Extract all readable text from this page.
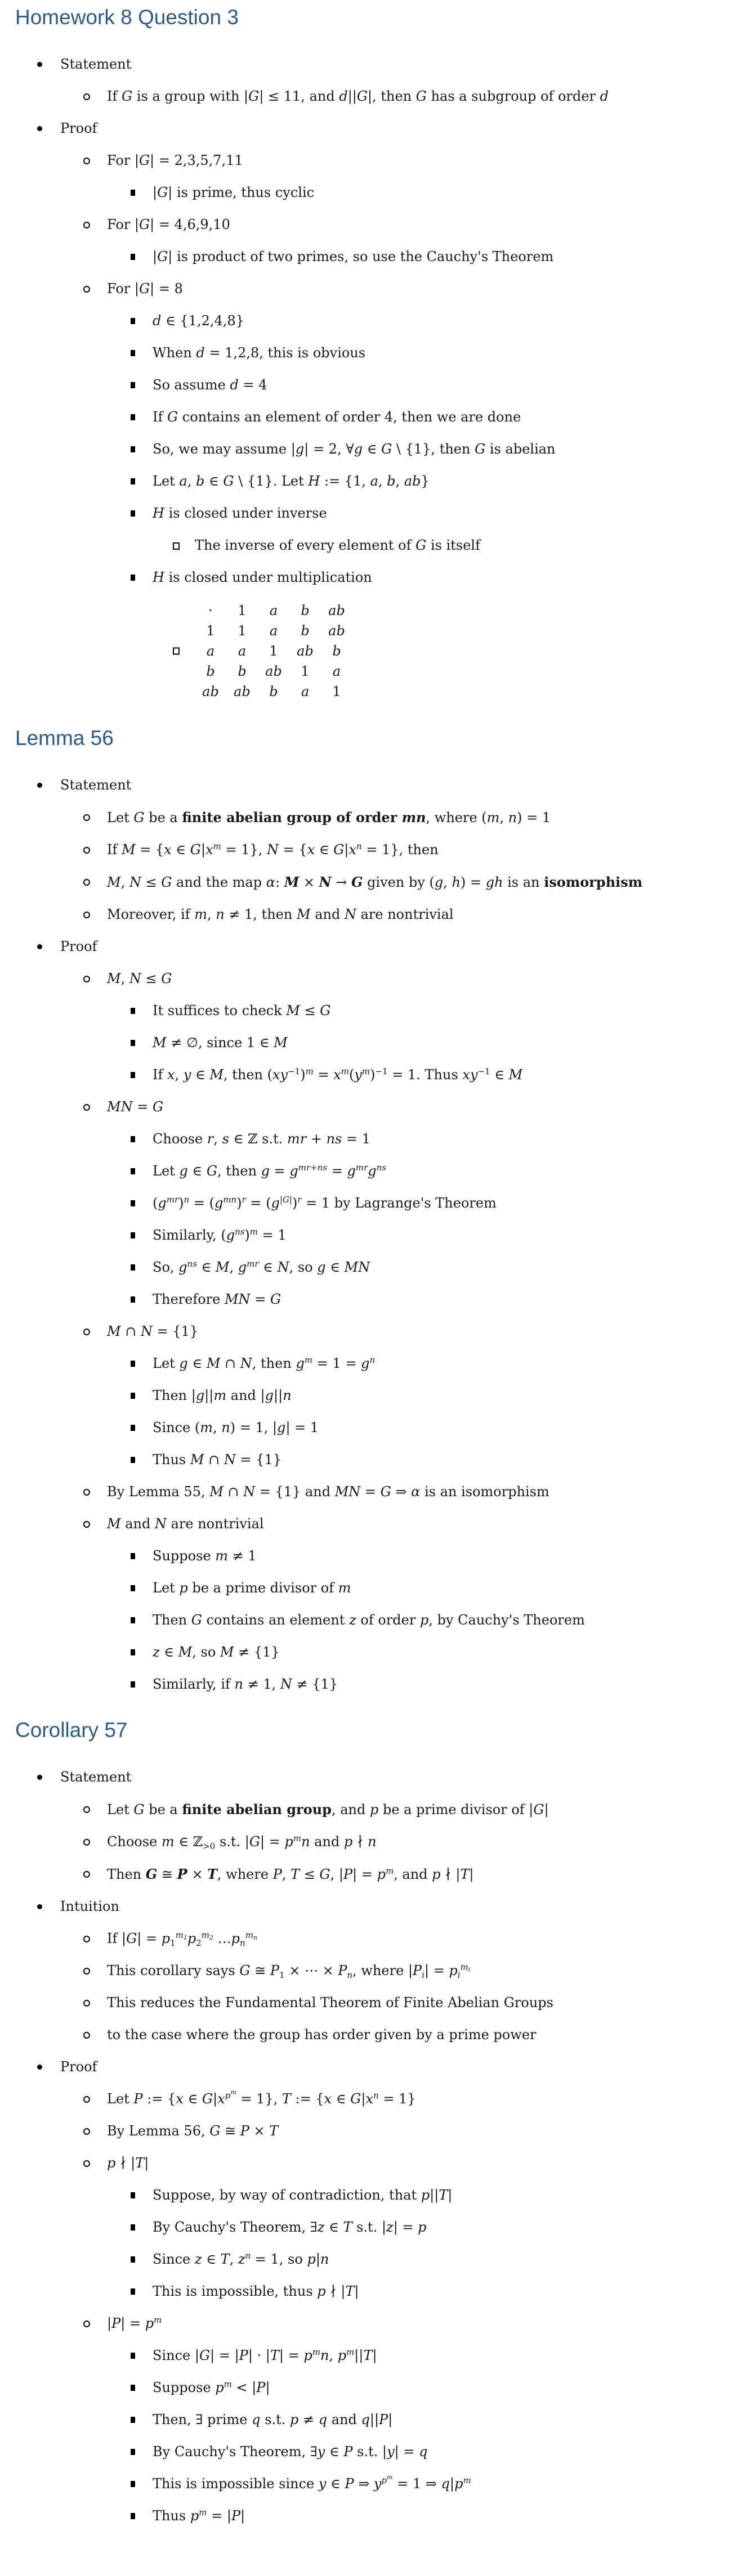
Homework 8 Question 3
Statement
If G is a group with |G| ≤ 11, and d||G|, then G has a subgroup of order d
Proof
For |G| = 2,3,5,7,11
|G| is prime, thus cyclic
For |G| = 4,6,9,10
|G| is product of two primes, so use the Cauchy's Theorem
For |G| = 8
d ∈ {1,2,4,8}
When d = 1,2,8, this is obvious
So assume d = 4
If G contains an element of order 4, then we are done
So, we may assume |g| = 2, ∀g ∈ G \ {1}, then G is abelian
Let a, b ∈ G \ {1}. Let H := {1, a, b, ab}
H is closed under inverse
The inverse of every element of G is itself
H is closed under multiplication
·	1	a	b	ab
1	1	a	b	ab
a	a	1	ab	b
b	b	ab	1	a
ab	ab	b	a	1
Lemma 56
Statement
Let G be a finite abelian group of order mn, where (m, n) = 1
If M = {x ∈ $G|x^m = 1$}, N = {x ∈ $G|x^n = 1$}, then
M, N ≤ G and the map α: M × N → G given by (g, h) = gh is an isomorphism
Moreover, if m, n ≠ 1, then M and N are nontrivial
Proof
M, N ≤ G
It suffices to check M ≤ G
M ≠ ∅, since 1 ∈ M
If x, y ∈ M, then $(xy^{-1})^m = x^m(y^m)^{-1} = 1$. Thus $xy^{-1}$ ∈ M
MN = G
Choose r, s ∈ ℤ s.t. mr + ns = 1
Let g ∈ G, then $g = g^{mr+ns} = g^{mr}g^{ns}$
$(g^{mr})^n = (g^{mn})^r = (g^{|G|})^r = 1$ by Lagrange's Theorem
Similarly, $(g^{ns})^m = 1$
So, $g^{ns}$ ∈ M, $g^{mr}$ ∈ N, so g ∈ MN
Therefore MN = G
M ∩ N = {1}
Let g ∈ M ∩ N, then $g^m = 1 = g^n$
Then |g||m and |g||n
Since (m, n) = 1, |g| = 1
Thus M ∩ N = {1}
By Lemma 55, M ∩ N = {1} and MN = G ⇒ α is an isomorphism
M and N are nontrivial
Suppose m ≠ 1
Let p be a prime divisor of m
Then G contains an element z of order p, by Cauchy's Theorem
z ∈ M, so M ≠ {1}
Similarly, if n ≠ 1, N ≠ {1}
Corollary 57
Statement
Let G be a finite abelian group, and p be a prime divisor of |G|
Choose m ∈ ℤ$_{>0}$ s.t. $|G| = p^mn$ and p ∤ n
Then G ≅ P × T, where P, T ≤ G, $|P| = p^m$, and p ∤ |T|
Intuition
If $|G| = p_1^{m_1}p_2^{m_2}$ $\dots p_n^{m_n}$
This corollary says G ≅ $P_1$ × ⋯ × $P_n$, where $|P_i| = p_i^{m_i}$
This reduces the Fundamental Theorem of Finite Abelian Groups
to the case where the group has order given by a prime power
Proof
Let P := {x ∈ $G|x^{p^m} = 1$}, T := {x ∈ $G|x^n = 1$}
By Lemma 56, G ≅ P × T
p ∤ |T|
Suppose, by way of contradiction, that p||T|
By Cauchy's Theorem, ∃z ∈ T s.t. |z| = p
Since z ∈ T, $z^n = 1$, so p|n
This is impossible, thus p ∤ |T|
$|P| = p^m$
Since $|G| = |P| \cdot |T| = p^mn$, $p^m||T|$
Suppose $p^m < |P|$
Then, ∃ prime q s.t. p ≠ q and q||P|
By Cauchy's Theorem, ∃y ∈ P s.t. |y| = q
This is impossible since y ∈ P ⇒ $y^{p^m} = 1$ ⇒ $q|p^m$
Thus $p^m = |P|$
